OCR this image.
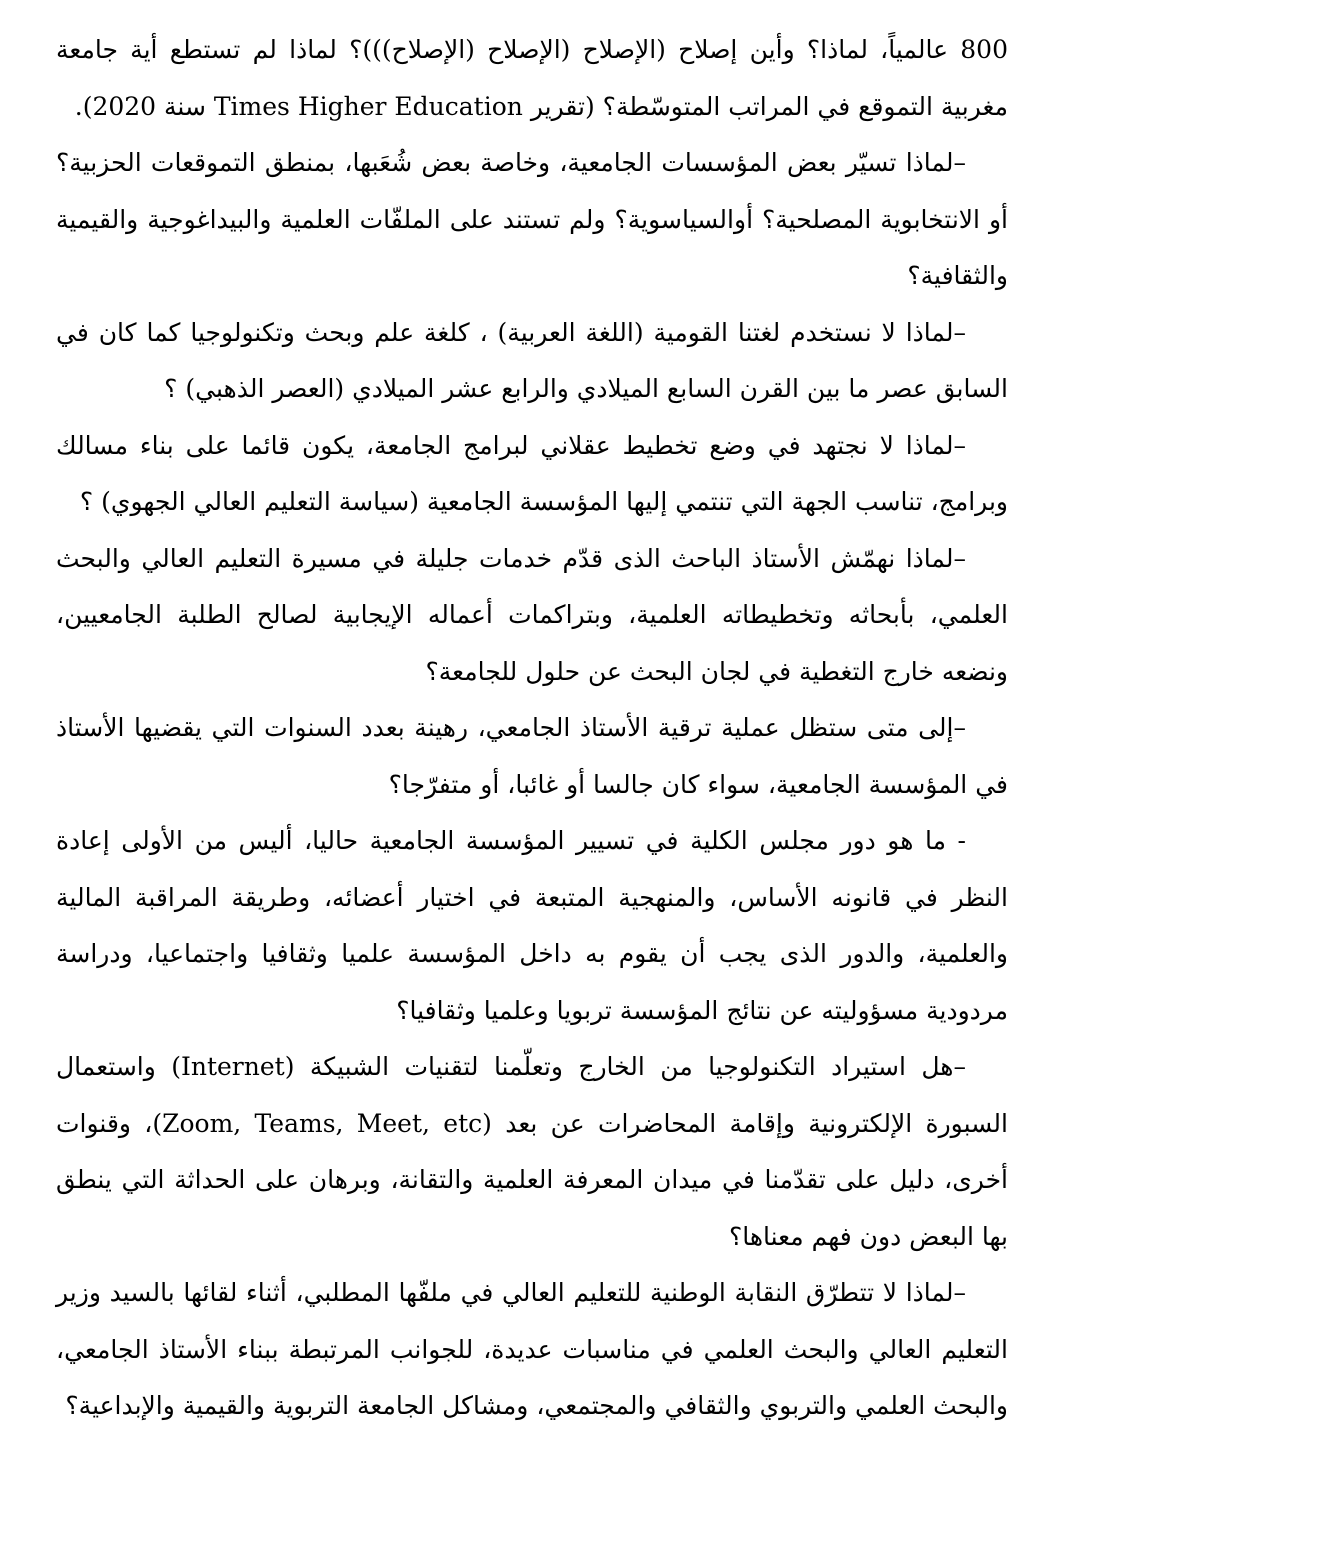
800 عالمياً، لماذا؟ وأين إصلاح (الإصلاح (الإصلاح (الإصلاح)))؟ لماذا لم تستطع أية جامعة مغربية التموقع في المراتب المتوسّطة؟ (تقرير Times Higher Education سنة 2020).

–لماذا تسيّر بعض المؤسسات الجامعية، وخاصة بعض شُعَبها، بمنطق التموقعات الحزبية؟ أو الانتخابوية المصلحية؟ أوالسياسوية؟ ولم تستند على الملفّات العلمية والبيداغوجية والقيمية والثقافية؟

–لماذا لا نستخدم لغتنا القومية (اللغة العربية) ، كلغة علم وبحث وتكنولوجيا كما كان في السابق عصر ما بين القرن السابع الميلادي والرابع عشر الميلادي (العصر الذهبي) ؟

–لماذا لا نجتهد في وضع تخطيط عقلاني لبرامج الجامعة، يكون قائما على بناء مسالك وبرامج، تناسب الجهة التي تنتمي إليها المؤسسة الجامعية (سياسة التعليم العالي الجهوي) ؟

–لماذا نهمّش الأستاذ الباحث الذى قدّم خدمات جليلة في مسيرة التعليم العالي والبحث العلمي، بأبحاثه وتخطيطاته العلمية، وبتراكمات أعماله الإيجابية لصالح الطلبة الجامعيين، ونضعه خارج التغطية في لجان البحث عن حلول للجامعة؟

–إلى متى ستظل عملية ترقية الأستاذ الجامعي، رهينة بعدد السنوات التي يقضيها الأستاذ في المؤسسة الجامعية، سواء كان جالسا أو غائبا، أو متفرّجا؟

- ما هو دور مجلس الكلية في تسيير المؤسسة الجامعية حاليا، أليس من الأولى إعادة النظر في قانونه الأساس، والمنهجية المتبعة في اختيار أعضائه، وطريقة المراقبة المالية والعلمية، والدور الذى يجب أن يقوم به داخل المؤسسة علميا وثقافيا واجتماعيا، ودراسة مردودية مسؤوليته عن نتائج المؤسسة تربويا وعلميا وثقافيا؟

–هل استيراد التكنولوجيا من الخارج وتعلّمنا لتقنيات الشبيكة (Internet) واستعمال السبورة الإلكترونية وإقامة المحاضرات عن بعد (Zoom, Teams, Meet, etc)، وقنوات أخرى، دليل على تقدّمنا في ميدان المعرفة العلمية والتقانة، وبرهان على الحداثة التي ينطق بها البعض دون فهم معناها؟

–لماذا لا تتطرّق النقابة الوطنية للتعليم العالي في ملفّها المطلبي، أثناء لقائها بالسيد وزير التعليم العالي والبحث العلمي في مناسبات عديدة، للجوانب المرتبطة ببناء الأستاذ الجامعي، والبحث العلمي والتربوي والثقافي والمجتمعي، ومشاكل الجامعة التربوية والقيمية والإبداعية؟
